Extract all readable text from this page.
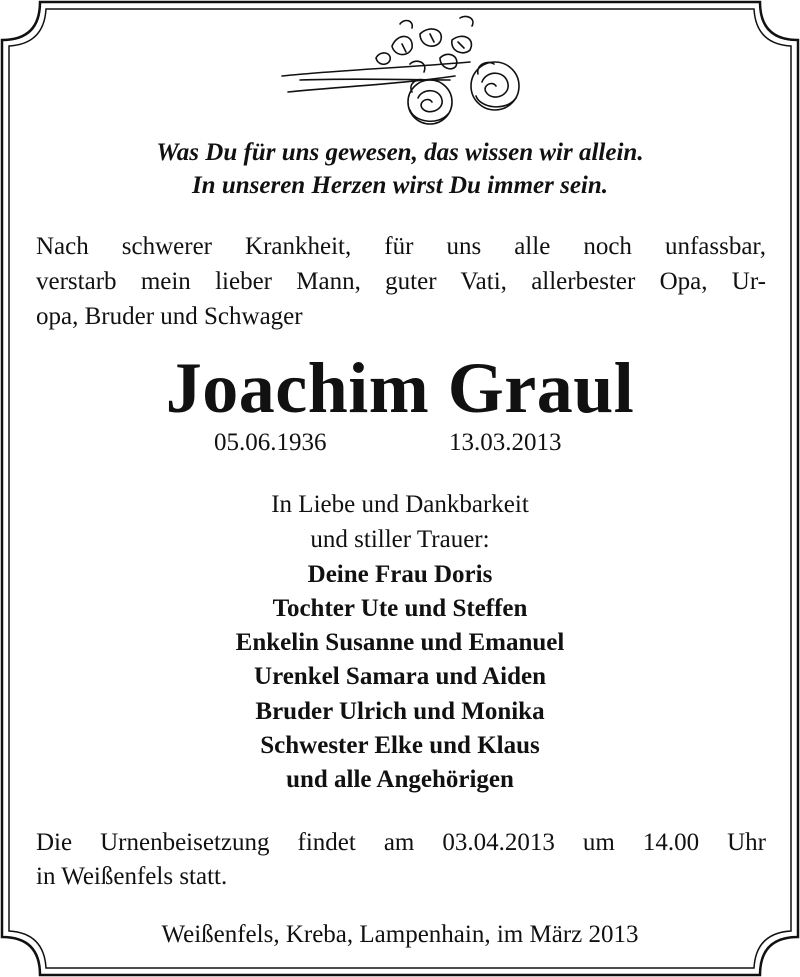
Was Du für uns gewesen, das wissen wir allein.
In unseren Herzen wirst Du immer sein.
Nach schwerer Krankheit, für uns alle noch unfassbar,
verstarb mein lieber Mann, guter Vati, allerbester Opa, Ur-
opa, Bruder und Schwager
Joachim Graul
05.06.1936	13.03.2013
In Liebe und Dankbarkeit
und stiller Trauer:
Deine Frau Doris
Tochter Ute und Steffen
Enkelin Susanne und Emanuel
Urenkel Samara und Aiden
Bruder Ulrich und Monika
Schwester Elke und Klaus
und alle Angehörigen
Die Urnenbeisetzung findet am 03.04.2013 um 14.00 Uhr
in Weißenfels statt.
Weißenfels, Kreba, Lampenhain, im März 2013
